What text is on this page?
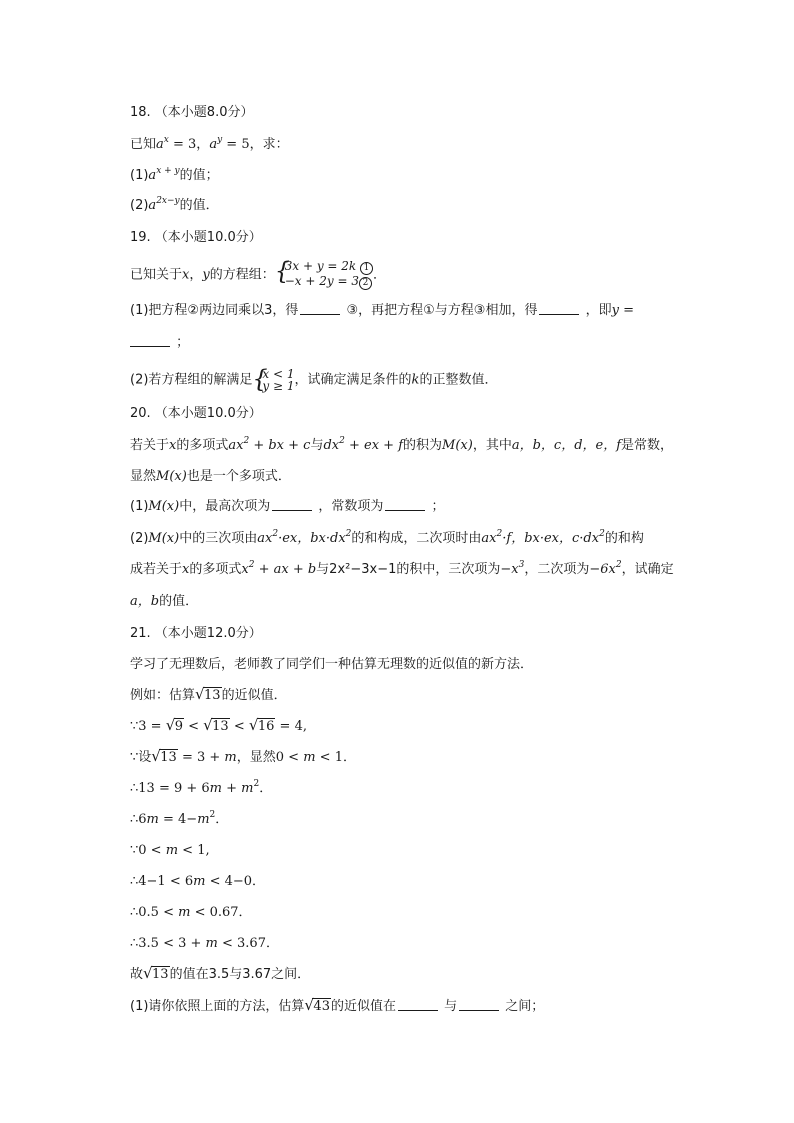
18. （本小题8.0分）
已知$a^x = 3$，$a^y = 5$，求：
$(1)a^{x + y}$的值；
$(2)a^{2x-y}$的值．
19. （本小题10.0分）
已知关于x，y的方程组： {
3x + y = 2k 1
−x + 2y = 3 2
．
(1)把方程②两边同乘以3，得	③，再把方程①与方程③相加，得	，即y =
；
(2)若方程组的解满足 {
x < 1
y ≥ 1 ，试确定满足条件的k的正整数值．
20. （本小题10.0分）
若关于x的多项式$ax^2$ + bx + c与$dx^2$ + ex + f的积为M(x)，其中a，b，c，d，e，f是常数，
显然M(x)也是一个多项式．
(1)M(x)中，最高次项为	，常数项为	；
(2)M(x)中的三次项由$ax^2\cdot ex$，$bx\cdot dx^2$的和构成，二次项时由$ax^2\cdot f$，bx·ex，$c\cdot dx^2$的和构
成若关于x的多项式$x^2$ + ax + b与2x²−3x−1的积中，三次项为$-x^3$，二次项为$-6x^2$，试确定
a，b的值．
21. （本小题12.0分）
学习了无理数后，老师教了同学们一种估算无理数的近似值的新方法．
例如：估算 √ 13的近似值．
∵3 = √ 9 < √ 13 < √ 16 = 4,
∵设 √ 13 = 3 + m，显然0 < m < 1．
∴13 = $9 + 6m + m^2$．
∴6m = $4-m^2$．
∵0 < m < 1,
∴4−1 < 6m < 4−0．
∴0.5 < m < 0.67．
∴3.5 < 3 + m < 3.67．
故 √ 13的值在3.5与3.67之间．
(1)请你依照上面的方法，估算 √ 43的近似值在	与	之间；
